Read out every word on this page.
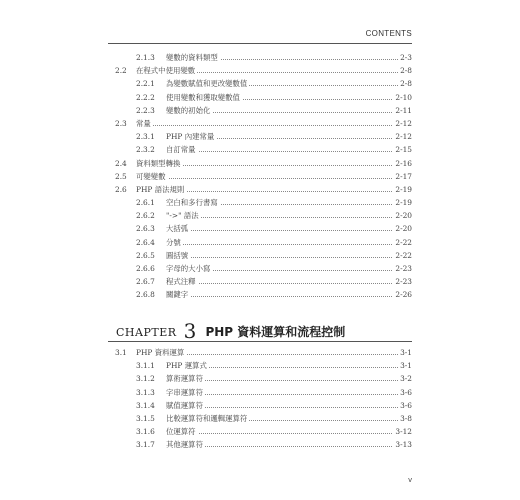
CONTENTS
2.1.3 變數的資料類型	2-3
2.2 在程式中使用變數	2-8
2.2.1 為變數賦值和更改變數值	2-8
2.2.2 使用變數和獲取變數值	2-10
2.2.3 變數的初始化	2-11
2.3 常量	2-12
2.3.1 PHP 內建常量	2-12
2.3.2 自訂常量	2-15
2.4 資料類型轉換	2-16
2.5 可變變數	2-17
2.6 PHP 語法規則	2-19
2.6.1 空白和多行書寫	2-19
2.6.2 "->" 語法	2-20
2.6.3 大括弧	2-20
2.6.4 分號	2-22
2.6.5 圓括號	2-22
2.6.6 字母的大小寫	2-23
2.6.7 程式注釋	2-23
2.6.8 關鍵字	2-26
CHAPTER 3 PHP 資料運算和流程控制
3.1 PHP 資料運算	3-1
3.1.1 PHP 運算式	3-1
3.1.2 算術運算符	3-2
3.1.3 字串運算符	3-6
3.1.4 賦值運算符	3-6
3.1.5 比較運算符和邏輯運算符	3-8
3.1.6 位運算符	3-12
3.1.7 其他運算符	3-13
v
